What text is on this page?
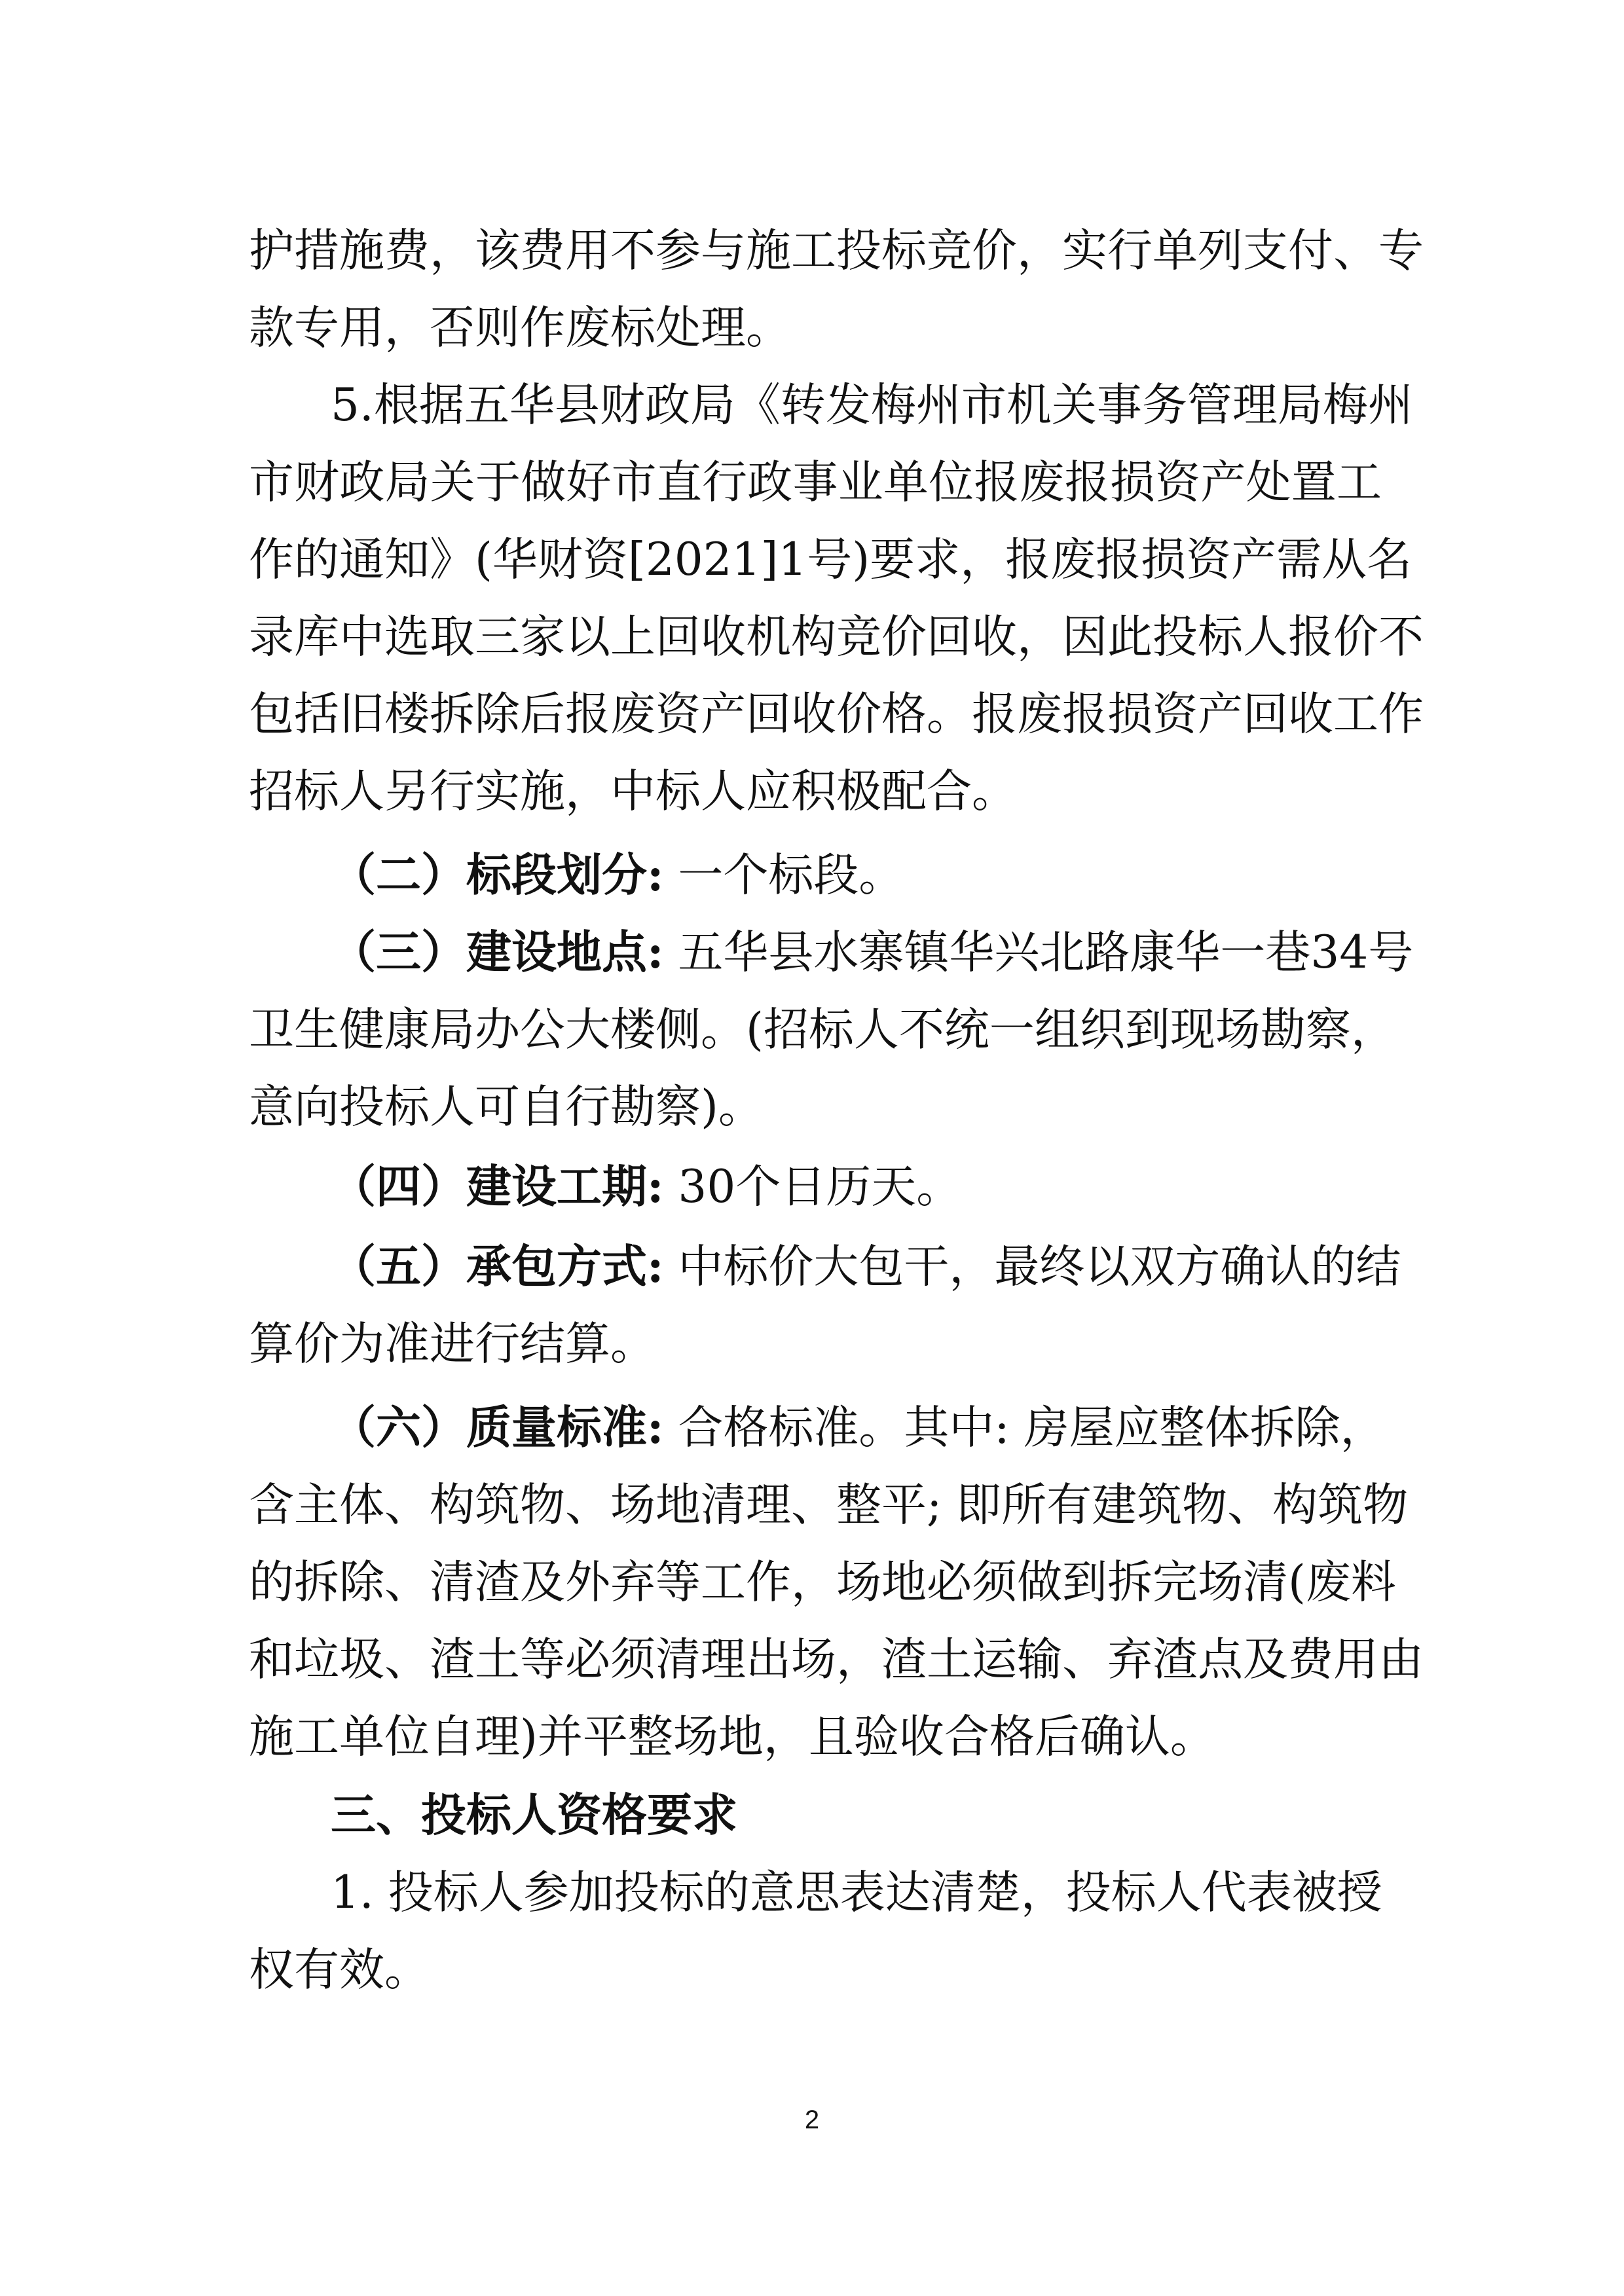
护措施费，该费用不参与施工投标竞价，实行单列支付、专
款专用，否则作废标处理。
5.根据五华县财政局《转发梅州市机关事务管理局梅州
市财政局关于做好市直行政事业单位报废报损资产处置工
作的通知》(华财资[2021]1号)要求，报废报损资产需从名
录库中选取三家以上回收机构竞价回收，因此投标人报价不
包括旧楼拆除后报废资产回收价格。报废报损资产回收工作
招标人另行实施，中标人应积极配合。
（二）标段划分: 一个标段。
（三）建设地点: 五华县水寨镇华兴北路康华一巷34号
卫生健康局办公大楼侧。(招标人不统一组织到现场勘察，
意向投标人可自行勘察)。
（四）建设工期: 30个日历天。
（五）承包方式: 中标价大包干，最终以双方确认的结
算价为准进行结算。
（六）质量标准: 合格标准。其中: 房屋应整体拆除，
含主体、构筑物、场地清理、整平; 即所有建筑物、构筑物
的拆除、清渣及外弃等工作，场地必须做到拆完场清(废料
和垃圾、渣土等必须清理出场，渣土运输、弃渣点及费用由
施工单位自理)并平整场地，且验收合格后确认。
三、投标人资格要求
1. 投标人参加投标的意思表达清楚，投标人代表被授
权有效。
2
